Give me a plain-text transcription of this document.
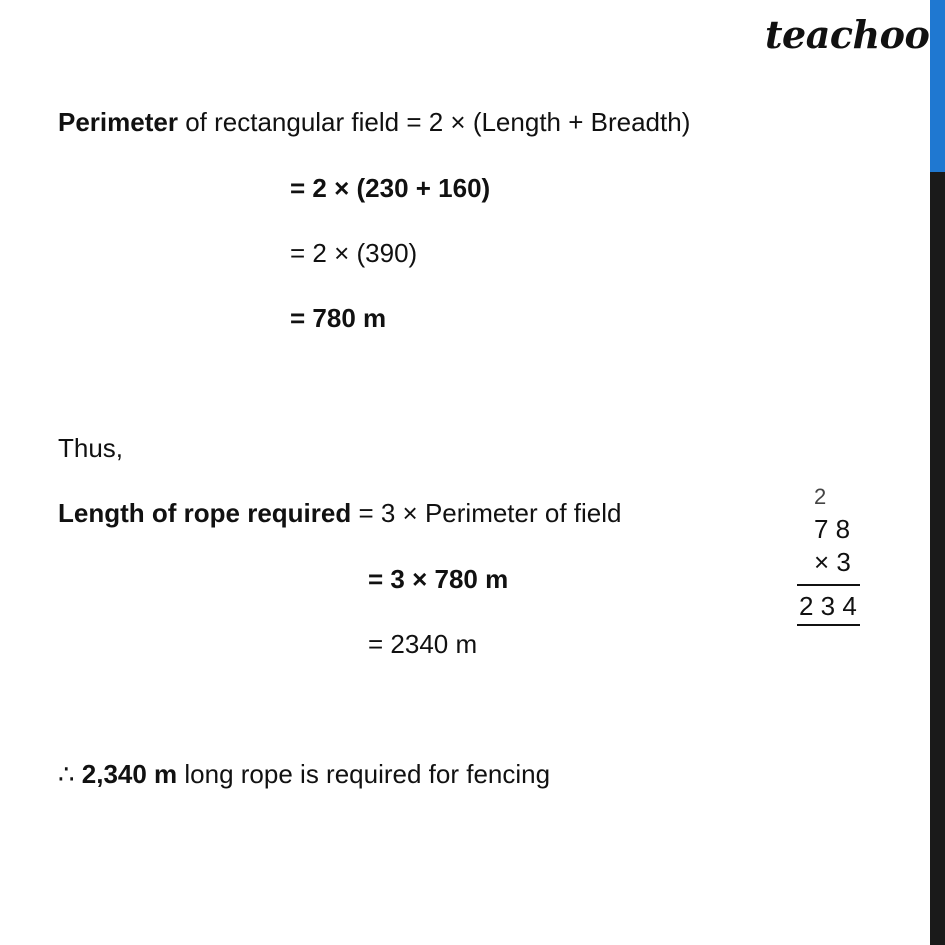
teachoo
Perimeter of rectangular field = 2 × (Length + Breadth)
= 2 × (230 + 160)
= 2 × (390)
= 780 m
Thus,
Length of rope required = 3 × Perimeter of field
= 3 × 780 m
= 2340 m
∴ 2,340 m long rope is required for fencing
2
7 8
× 3
2 3 4
